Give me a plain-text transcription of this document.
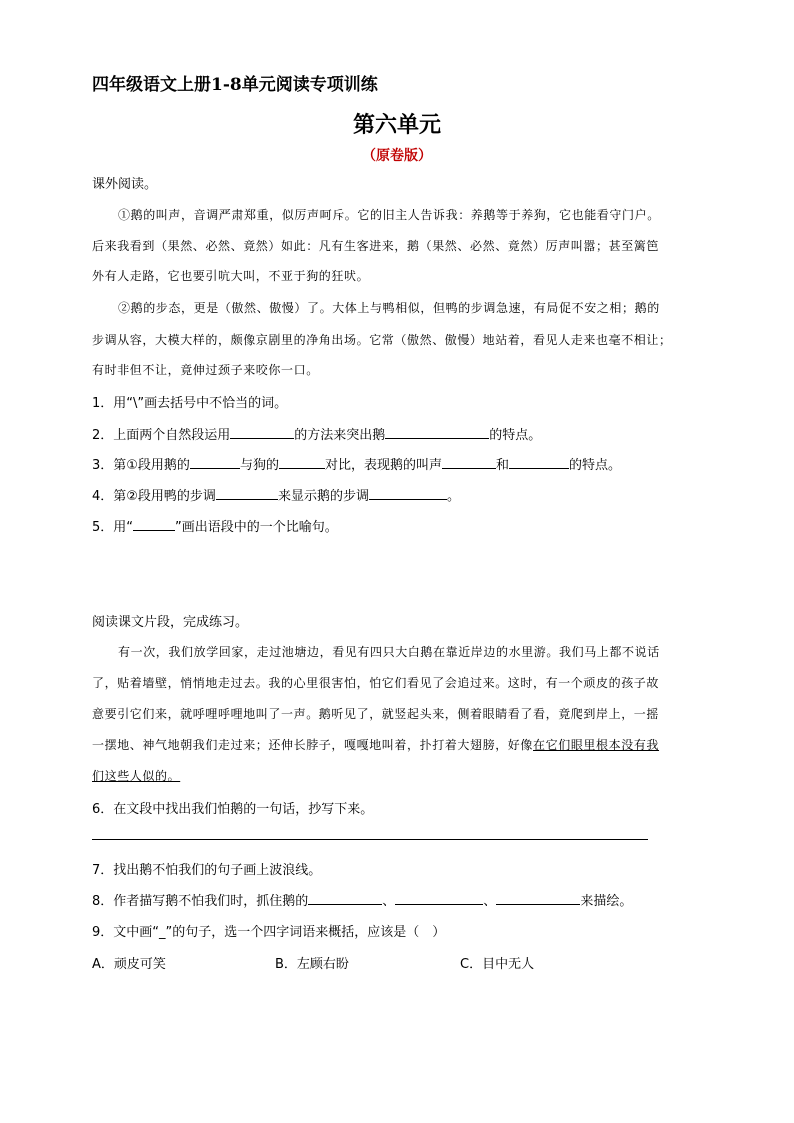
四年级语文上册1-8单元阅读专项训练
第六单元
（原卷版）
课外阅读。
①鹅的叫声，音调严肃郑重，似厉声呵斥。它的旧主人告诉我：养鹅等于养狗，它也能看守门户。
后来我看到（果然、必然、竟然）如此：凡有生客进来，鹅（果然、必然、竟然）厉声叫嚣；甚至篱笆
外有人走路，它也要引吭大叫，不亚于狗的狂吠。
②鹅的步态，更是（傲然、傲慢）了。大体上与鸭相似，但鸭的步调急速，有局促不安之相；鹅的
步调从容，大模大样的，颇像京剧里的净角出场。它常（傲然、傲慢）地站着，看见人走来也毫不相让；
有时非但不让，竟伸过颈子来咬你一口。
1．用“\”画去括号中不恰当的词。
2．上面两个自然段运用	的方法来突出鹅	的特点。
3．第①段用鹅的	与狗的	对比，表现鹅的叫声	和	的特点。
4．第②段用鸭的步调	来显示鹅的步调	。
5．用“	”画出语段中的一个比喻句。
阅读课文片段，完成练习。
有一次，我们放学回家，走过池塘边，看见有四只大白鹅在靠近岸边的水里游。我们马上都不说话
了，贴着墙壁，悄悄地走过去。我的心里很害怕，怕它们看见了会追过来。这时，有一个顽皮的孩子故
意要引它们来，就呼哩呼哩地叫了一声。鹅听见了，就竖起头来，侧着眼睛看了看，竟爬到岸上，一摇
一摆地、神气地朝我们走过来；还伸长脖子，嘎嘎地叫着，扑打着大翅膀，好像在它们眼里根本没有我
们这些人似的。
6．在文段中找出我们怕鹅的一句话，抄写下来。
7．找出鹅不怕我们的句子画上波浪线。
8．作者描写鹅不怕我们时，抓住鹅的	、	、	来描绘。
9．文中画“_”的句子，选一个四字词语来概括，应该是（　）
A．顽皮可笑	B．左顾右盼	C．目中无人
